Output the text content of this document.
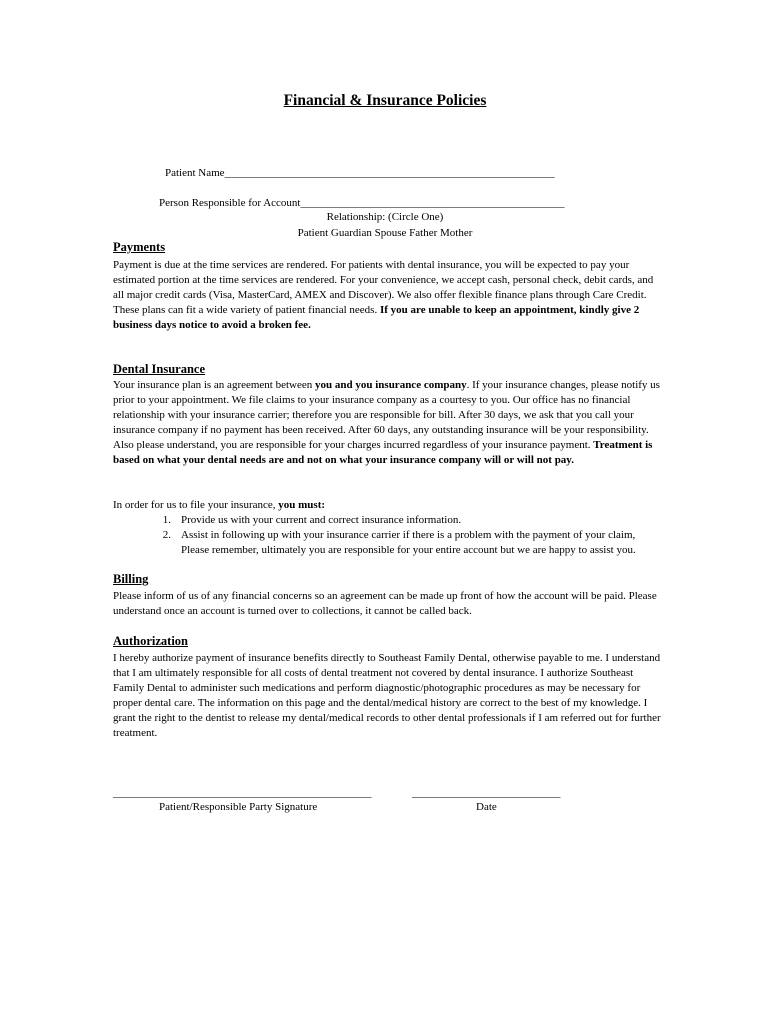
Financial & Insurance Policies
Patient Name____________________________________________________________
Person Responsible for Account________________________________________________
Relationship: (Circle One)
Patient Guardian Spouse Father Mother
Payments
Payment is due at the time services are rendered. For patients with dental insurance, you will be expected to pay your estimated portion at the time services are rendered. For your convenience, we accept cash, personal check, debit cards, and all major credit cards (Visa, MasterCard, AMEX and Discover). We also offer flexible finance plans through Care Credit. These plans can fit a wide variety of patient financial needs. If you are unable to keep an appointment, kindly give 2 business days notice to avoid a broken fee.
Dental Insurance
Your insurance plan is an agreement between you and you insurance company. If your insurance changes, please notify us prior to your appointment. We file claims to your insurance company as a courtesy to you. Our office has no financial relationship with your insurance carrier; therefore you are responsible for bill. After 30 days, we ask that you call your insurance company if no payment has been received. After 60 days, any outstanding insurance will be your responsibility. Also please understand, you are responsible for your charges incurred regardless of your insurance payment. Treatment is based on what your dental needs are and not on what your insurance company will or will not pay.
In order for us to file your insurance, you must:
1. Provide us with your current and correct insurance information.
2. Assist in following up with your insurance carrier if there is a problem with the payment of your claim, Please remember, ultimately you are responsible for your entire account but we are happy to assist you.
Billing
Please inform of us of any financial concerns so an agreement can be made up front of how the account will be paid. Please understand once an account is turned over to collections, it cannot be called back.
Authorization
I hereby authorize payment of insurance benefits directly to Southeast Family Dental, otherwise payable to me. I understand that I am ultimately responsible for all costs of dental treatment not covered by dental insurance. I authorize Southeast Family Dental to administer such medications and perform diagnostic/photographic procedures as may be necessary for proper dental care. The information on this page and the dental/medical history are correct to the best of my knowledge. I grant the right to the dentist to release my dental/medical records to other dental professionals if I am referred out for further treatment.
_______________________________________________
Patient/Responsible Party Signature
___________________________
Date
